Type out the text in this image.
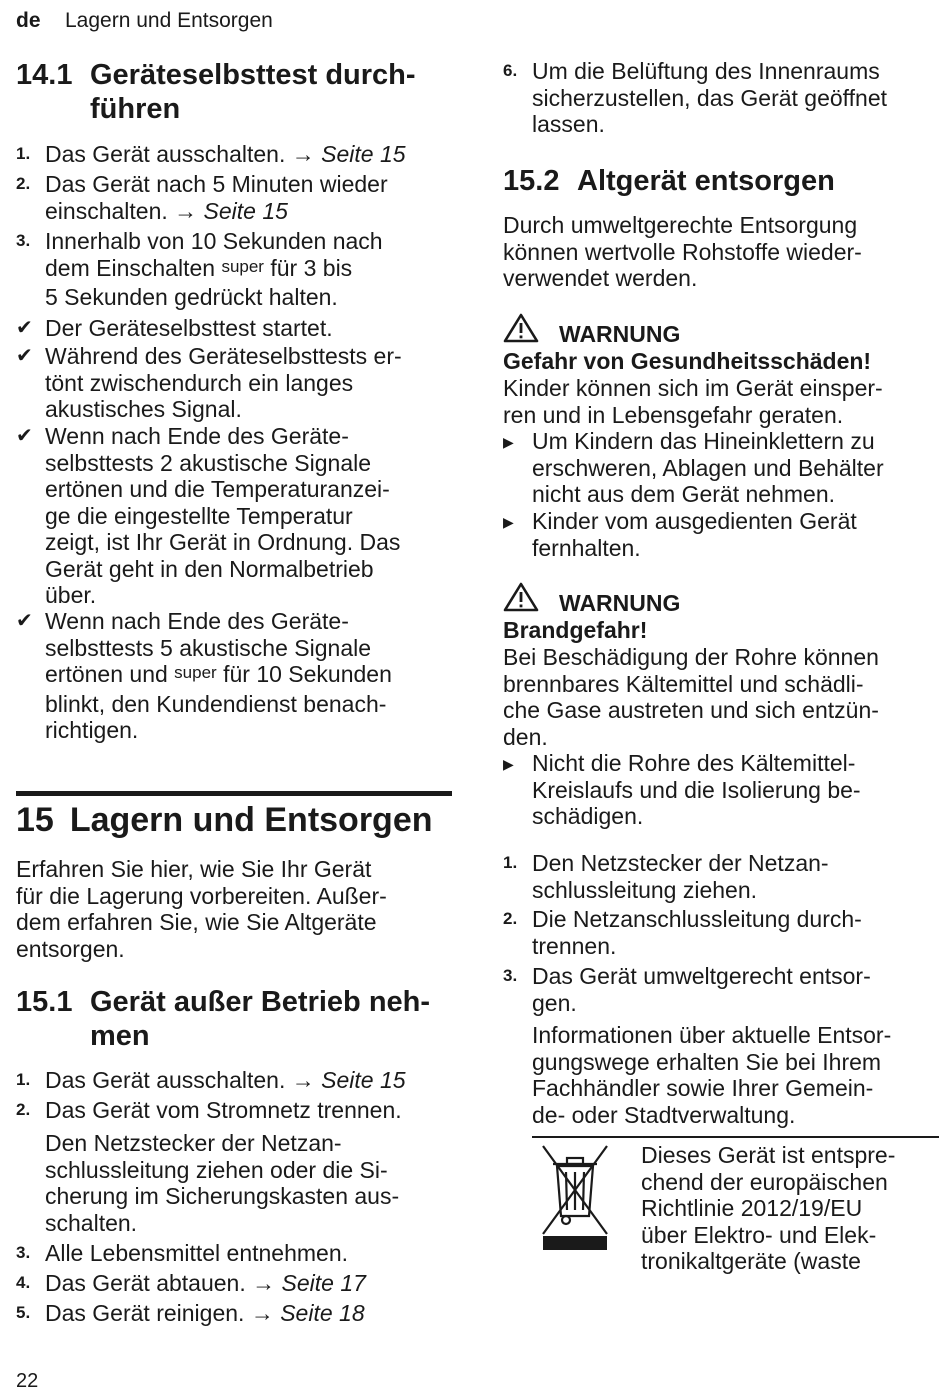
de Lagern und Entsorgen
14.1 Geräteselbsttest durch-
führen
1. Das Gerät ausschalten. → Seite 15
2. Das Gerät nach 5 Minuten wieder
einschalten. → Seite 15
3. Innerhalb von 10 Sekunden nach
dem Einschalten super für 3 bis
5 Sekunden gedrückt halten.
✔ Der Geräteselbsttest startet.
✔ Während des Geräteselbsttests er-
tönt zwischendurch ein langes
akustisches Signal.
✔ Wenn nach Ende des Geräte-
selbsttests 2 akustische Signale
ertönen und die Temperaturanzei-
ge die eingestellte Temperatur
zeigt, ist Ihr Gerät in Ordnung. Das
Gerät geht in den Normalbetrieb
über.
✔ Wenn nach Ende des Geräte-
selbsttests 5 akustische Signale
ertönen und super für 10 Sekunden
blinkt, den Kundendienst benach-
richtigen.
15 Lagern und Entsorgen
Erfahren Sie hier, wie Sie Ihr Gerät
für die Lagerung vorbereiten. Außer-
dem erfahren Sie, wie Sie Altgeräte
entsorgen.
15.1 Gerät außer Betrieb neh-
men
1. Das Gerät ausschalten. → Seite 15
2. Das Gerät vom Stromnetz trennen.
Den Netzstecker der Netzan-
schlussleitung ziehen oder die Si-
cherung im Sicherungskasten aus-
schalten.
3. Alle Lebensmittel entnehmen.
4. Das Gerät abtauen. → Seite 17
5. Das Gerät reinigen. → Seite 18
6. Um die Belüftung des Innenraums
sicherzustellen, das Gerät geöffnet
lassen.
15.2 Altgerät entsorgen
Durch umweltgerechte Entsorgung
können wertvolle Rohstoffe wieder-
verwendet werden.
WARNUNG
Gefahr von Gesundheitsschäden!
Kinder können sich im Gerät einsper-
ren und in Lebensgefahr geraten.
▶ Um Kindern das Hineinklettern zu
erschweren, Ablagen und Behälter
nicht aus dem Gerät nehmen.
▶ Kinder vom ausgedienten Gerät
fernhalten.
WARNUNG
Brandgefahr!
Bei Beschädigung der Rohre können
brennbares Kältemittel und schädli-
che Gase austreten und sich entzün-
den.
▶ Nicht die Rohre des Kältemittel-
Kreislaufs und die Isolierung be-
schädigen.
1. Den Netzstecker der Netzan-
schlussleitung ziehen.
2. Die Netzanschlussleitung durch-
trennen.
3. Das Gerät umweltgerecht entsor-
gen.
Informationen über aktuelle Entsor-
gungswege erhalten Sie bei Ihrem
Fachhändler sowie Ihrer Gemein-
de- oder Stadtverwaltung.
Dieses Gerät ist entspre-
chend der europäischen
Richtlinie 2012/19/EU
über Elektro- und Elek-
tronikaltgeräte (waste
22
